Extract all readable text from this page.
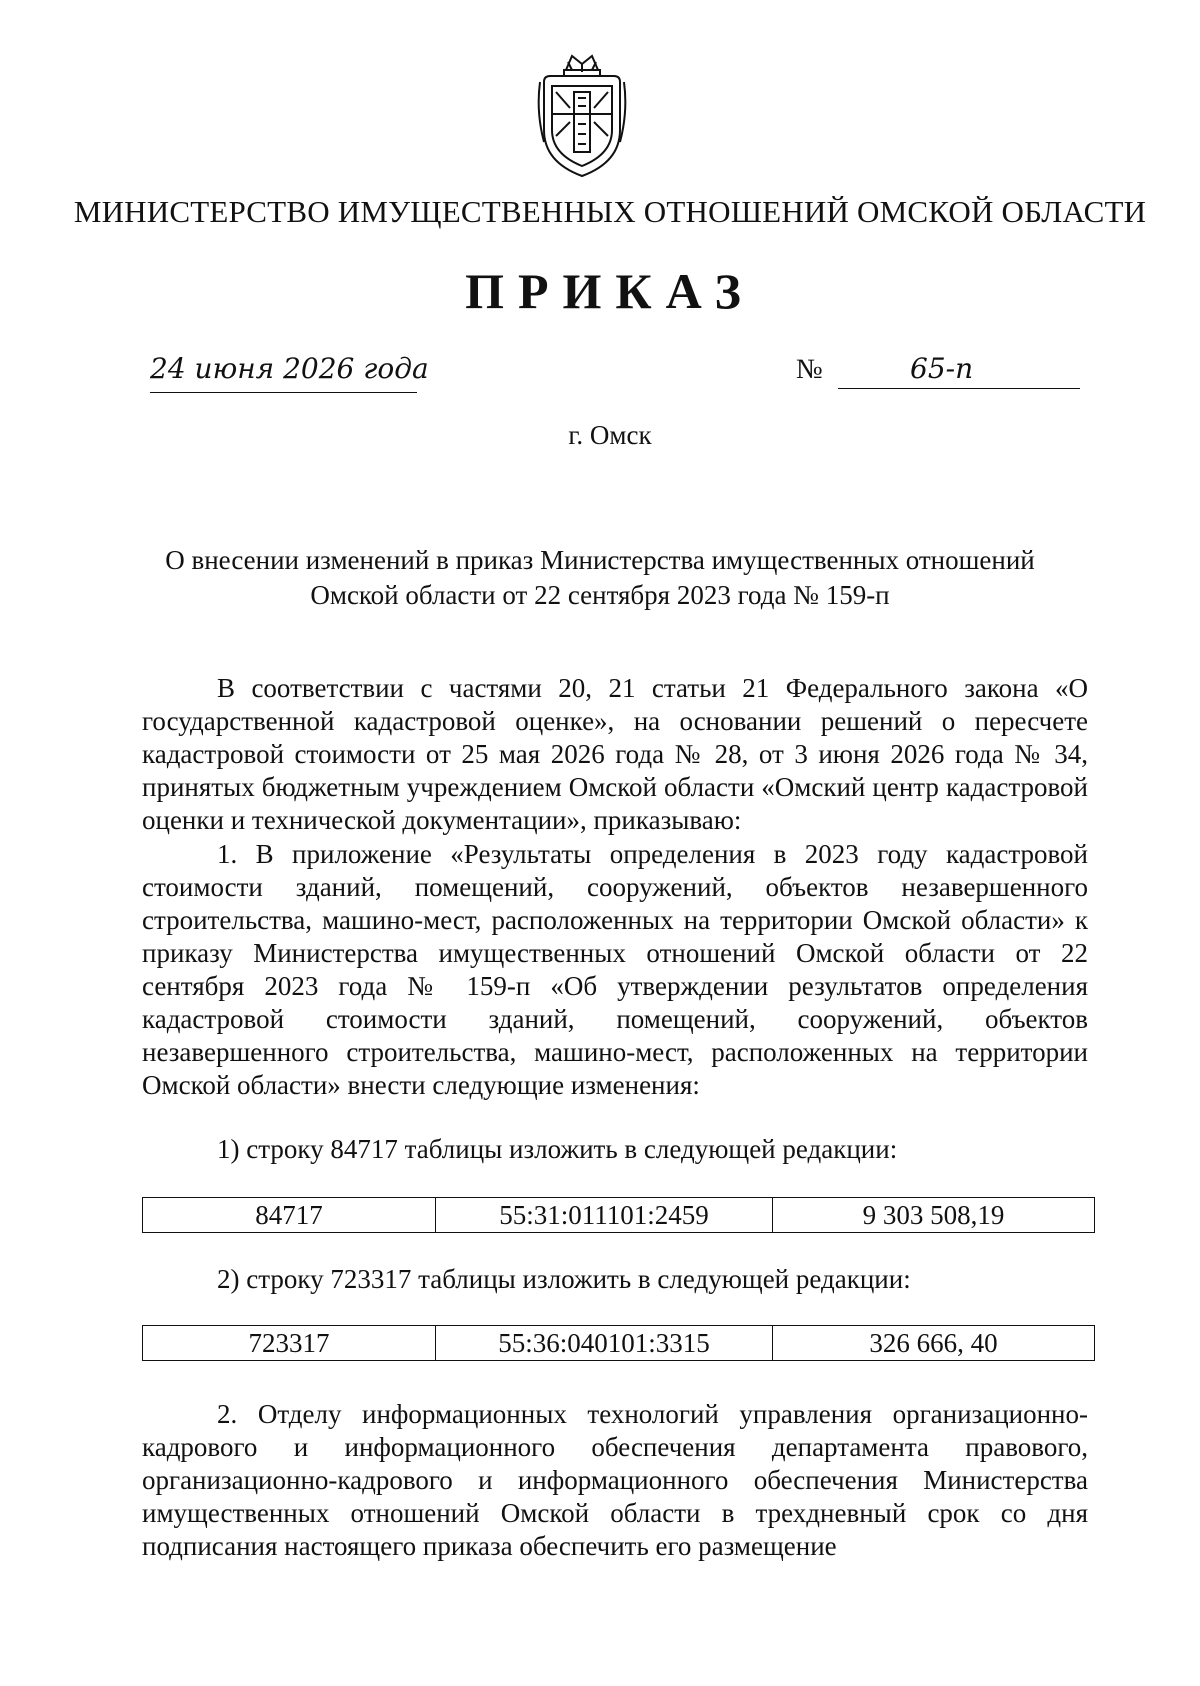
МИНИСТЕРСТВО ИМУЩЕСТВЕННЫХ ОТНОШЕНИЙ ОМСКОЙ ОБЛАСТИ
ПРИКАЗ
24 июня 2026 года	№	65-п
г. Омск
О внесении изменений в приказ Министерства имущественных отношений
Омской области от 22 сентября 2023 года № 159-п

В соответствии с частями 20, 21 статьи 21 Федерального закона «О государственной кадастровой оценке», на основании решений о пересчете кадастровой стоимости от 25 мая 2026 года № 28, от 3 июня 2026 года № 34, принятых бюджетным учреждением Омской области «Омский центр кадастровой оценки и технической документации», приказываю:

1. В приложение «Результаты определения в 2023 году кадастровой стоимости зданий, помещений, сооружений, объектов незавершенного строительства, машино-мест, расположенных на территории Омской области» к приказу Министерства имущественных отношений Омской области от 22 сентября 2023 года № 159-п «Об утверждении результатов определения кадастровой стоимости зданий, помещений, сооружений, объектов незавершенного строительства, машино-мест, расположенных на территории Омской области» внести следующие изменения:

1) строку 84717 таблицы изложить в следующей редакции:
84717	55:31:011101:2459	9 303 508,19
2) строку 723317 таблицы изложить в следующей редакции:
723317	55:36:040101:3315	326 666, 40

2. Отделу информационных технологий управления организационно-кадрового и информационного обеспечения департамента правового, организационно-кадрового и информационного обеспечения Министерства имущественных отношений Омской области в трехдневный срок со дня подписания настоящего приказа обеспечить его размещение
